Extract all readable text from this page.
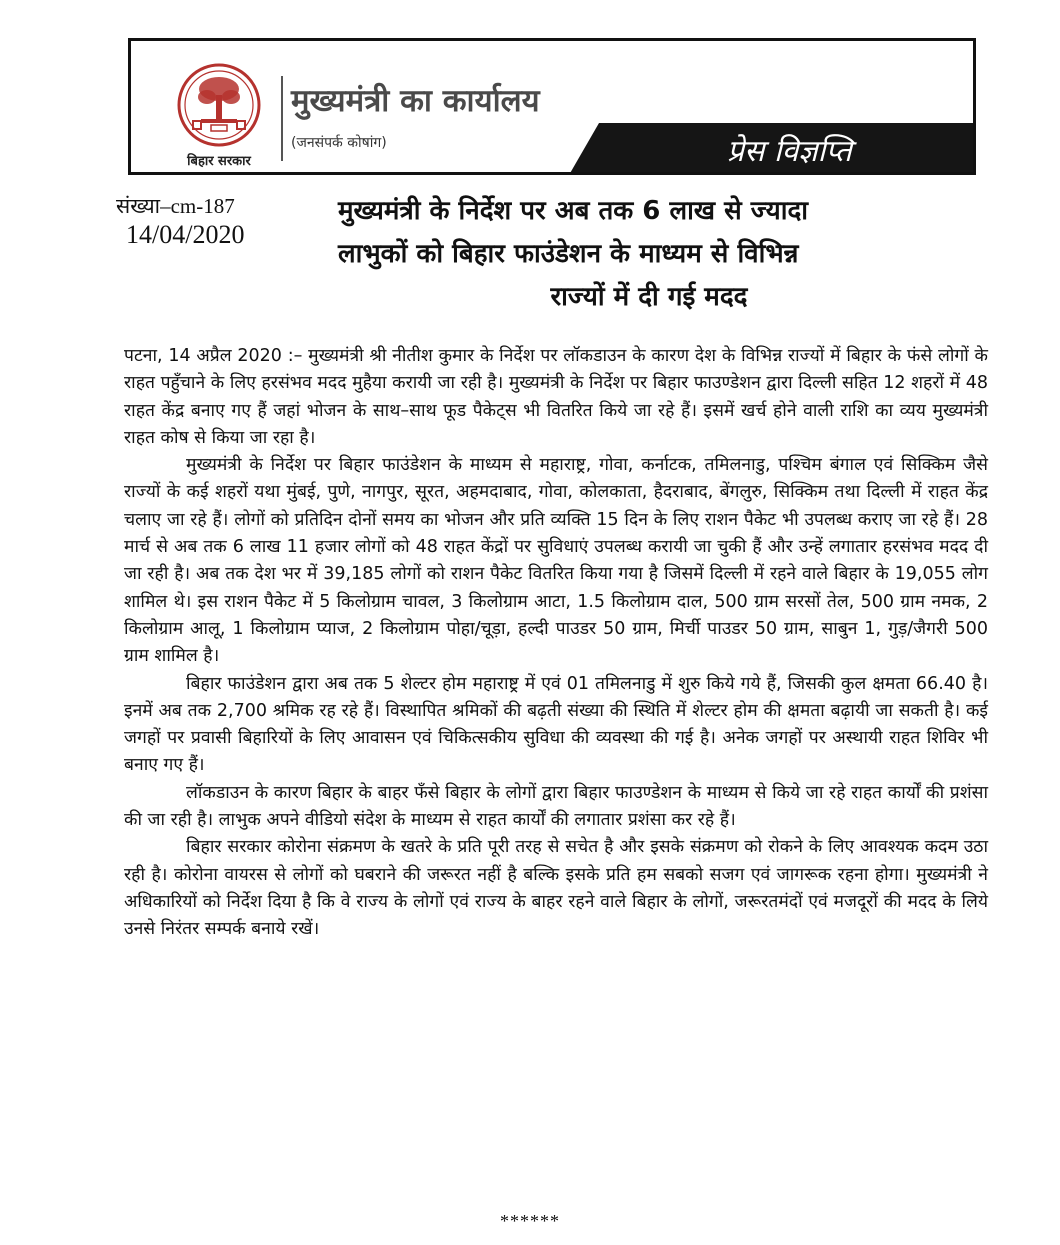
बिहार सरकार
मुख्यमंत्री का कार्यालय
(जनसंपर्क कोषांग)	प्रेस विज्ञप्ति
संख्या–cm-187
14/04/2020
मुख्यमंत्री के निर्देश पर अब तक 6 लाख से ज्यादा
लाभुकों को बिहार फाउंडेशन के माध्यम से विभिन्न
राज्यों में दी गई मदद

पटना, 14 अप्रैल 2020 :– मुख्यमंत्री श्री नीतीश कुमार के निर्देश पर लॉकडाउन के कारण देश के विभिन्न राज्यों में बिहार के फंसे लोगों के राहत पहुँचाने के लिए हरसंभव मदद मुहैया करायी जा रही है। मुख्यमंत्री के निर्देश पर बिहार फाउण्डेशन द्वारा दिल्ली सहित 12 शहरों में 48 राहत केंद्र बनाए गए हैं जहां भोजन के साथ–साथ फूड पैकेट्स भी वितरित किये जा रहे हैं। इसमें खर्च होने वाली राशि का व्यय मुख्यमंत्री राहत कोष से किया जा रहा है।

मुख्यमंत्री के निर्देश पर बिहार फाउंडेशन के माध्यम से महाराष्ट्र, गोवा, कर्नाटक, तमिलनाडु, पश्चिम बंगाल एवं सिक्किम जैसे राज्यों के कई शहरों यथा मुंबई, पुणे, नागपुर, सूरत, अहमदाबाद, गोवा, कोलकाता, हैदराबाद, बेंगलुरु, सिक्किम तथा दिल्ली में राहत केंद्र चलाए जा रहे हैं। लोगों को प्रतिदिन दोनों समय का भोजन और प्रति व्यक्ति 15 दिन के लिए राशन पैकेट भी उपलब्ध कराए जा रहे हैं। 28 मार्च से अब तक 6 लाख 11 हजार लोगों को 48 राहत केंद्रों पर सुविधाएं उपलब्ध करायी जा चुकी हैं और उन्हें लगातार हरसंभव मदद दी जा रही है। अब तक देश भर में 39,185 लोगों को राशन पैकेट वितरित किया गया है जिसमें दिल्ली में रहने वाले बिहार के 19,055 लोग शामिल थे। इस राशन पैकेट में 5 किलोग्राम चावल, 3 किलोग्राम आटा, 1.5 किलोग्राम दाल, 500 ग्राम सरसों तेल, 500 ग्राम नमक, 2 किलोग्राम आलू, 1 किलोग्राम प्याज, 2 किलोग्राम पोहा/चूड़ा, हल्दी पाउडर 50 ग्राम, मिर्ची पाउडर 50 ग्राम, साबुन 1, गुड़/जैगरी 500 ग्राम शामिल है।

बिहार फाउंडेशन द्वारा अब तक 5 शेल्टर होम महाराष्ट्र में एवं 01 तमिलनाडु में शुरु किये गये हैं, जिसकी कुल क्षमता 66.40 है। इनमें अब तक 2,700 श्रमिक रह रहे हैं। विस्थापित श्रमिकों की बढ़ती संख्या की स्थिति में शेल्टर होम की क्षमता बढ़ायी जा सकती है। कई जगहों पर प्रवासी बिहारियों के लिए आवासन एवं चिकित्सकीय सुविधा की व्यवस्था की गई है। अनेक जगहों पर अस्थायी राहत शिविर भी बनाए गए हैं।

लॉकडाउन के कारण बिहार के बाहर फँसे बिहार के लोगों द्वारा बिहार फाउण्डेशन के माध्यम से किये जा रहे राहत कार्यों की प्रशंसा की जा रही है। लाभुक अपने वीडियो संदेश के माध्यम से राहत कार्यों की लगातार प्रशंसा कर रहे हैं।

बिहार सरकार कोरोना संक्रमण के खतरे के प्रति पूरी तरह से सचेत है और इसके संक्रमण को रोकने के लिए आवश्यक कदम उठा रही है। कोरोना वायरस से लोगों को घबराने की जरूरत नहीं है बल्कि इसके प्रति हम सबको सजग एवं जागरूक रहना होगा। मुख्यमंत्री ने अधिकारियों को निर्देश दिया है कि वे राज्य के लोगों एवं राज्य के बाहर रहने वाले बिहार के लोगों, जरूरतमंदों एवं मजदूरों की मदद के लिये उनसे निरंतर सम्पर्क बनाये रखें।

******
